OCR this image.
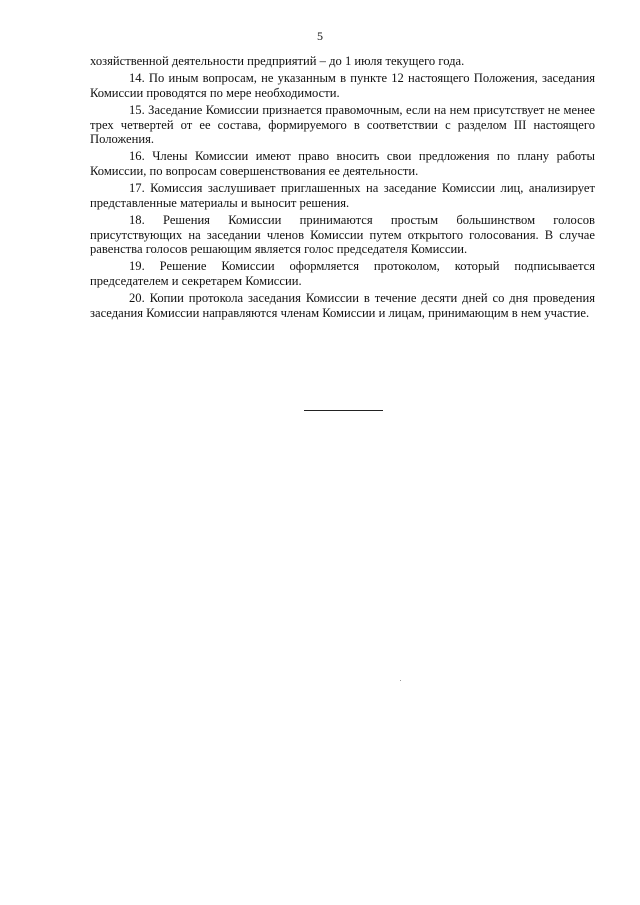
5

хозяйственной деятельности предприятий – до 1 июля текущего года.

14. По иным вопросам, не указанным в пункте 12 настоящего Положения, заседания Комиссии проводятся по мере необходимости.

15. Заседание Комиссии признается правомочным, если на нем присутствует не менее трех четвертей от ее состава, формируемого в соответствии с разделом III настоящего Положения.

16. Члены Комиссии имеют право вносить свои предложения по плану работы Комиссии, по вопросам совершенствования ее деятельности.

17. Комиссия заслушивает приглашенных на заседание Комиссии лиц, анализирует представленные материалы и выносит решения.

18. Решения Комиссии принимаются простым большинством голосов присутствующих на заседании членов Комиссии путем открытого голосования. В случае равенства голосов решающим является голос председателя Комиссии.

19. Решение Комиссии оформляется протоколом, который подписывается председателем и секретарем Комиссии.

20. Копии протокола заседания Комиссии в течение десяти дней со дня проведения заседания Комиссии направляются членам Комиссии и лицам, принимающим в нем участие.
